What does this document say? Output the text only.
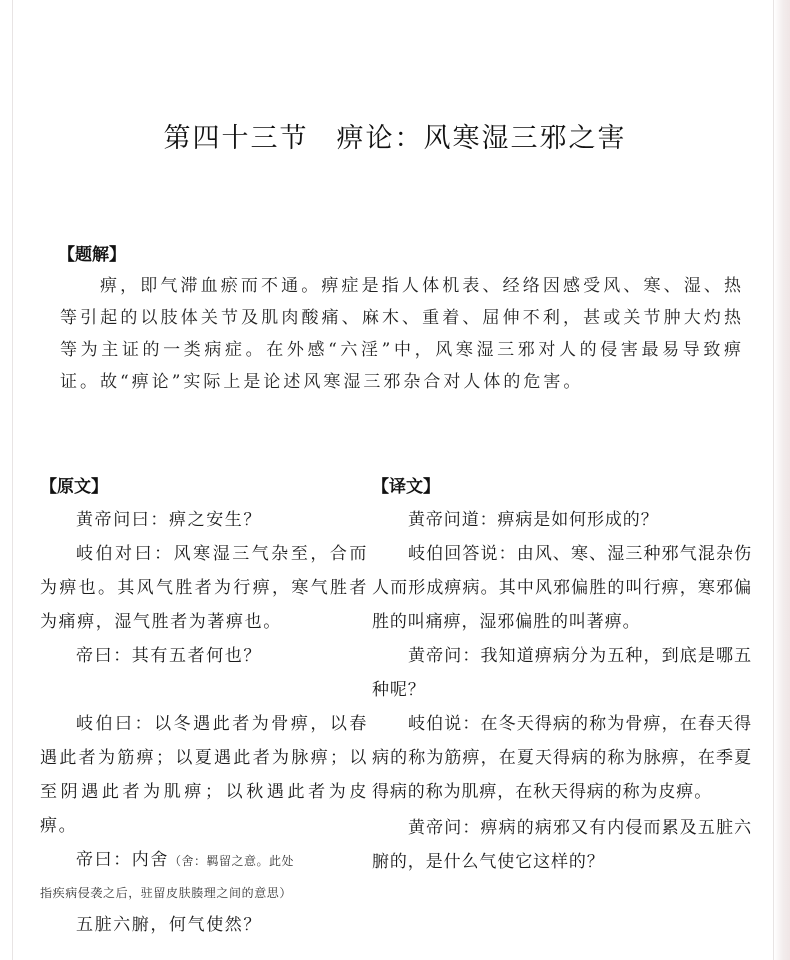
第四十三节 痹论：风寒湿三邪之害
【题解】
痹，即气滞血瘀而不通。痹症是指人体机表、经络因感受风、寒、湿、热等引起的以肢体关节及肌肉酸痛、麻木、重着、屈伸不利，甚或关节肿大灼热等为主证的一类病症。在外感“六淫”中，风寒湿三邪对人的侵害最易导致痹证。故“痹论”实际上是论述风寒湿三邪杂合对人体的危害。
【原文】

黄帝问曰：痹之安生？

岐伯对曰：风寒湿三气杂至，合而为痹也。其风气胜者为行痹，寒气胜者为痛痹，湿气胜者为著痹也。

帝曰：其有五者何也？

岐伯曰：以冬遇此者为骨痹，以春遇此者为筋痹；以夏遇此者为脉痹；以至阴遇此者为肌痹；以秋遇此者为皮痹。

帝曰：内舍（舍：羁留之意。此处

指疾病侵袭之后，驻留皮肤腠理之间的意思）

五脏六腑，何气使然？

【译文】

黄帝问道：痹病是如何形成的？

岐伯回答说：由风、寒、湿三种邪气混杂伤人而形成痹病。其中风邪偏胜的叫行痹，寒邪偏胜的叫痛痹，湿邪偏胜的叫著痹。

黄帝问：我知道痹病分为五种，到底是哪五种呢？

岐伯说：在冬天得病的称为骨痹，在春天得病的称为筋痹，在夏天得病的称为脉痹，在季夏得病的称为肌痹，在秋天得病的称为皮痹。

黄帝问：痹病的病邪又有内侵而累及五脏六腑的，是什么气使它这样的？
